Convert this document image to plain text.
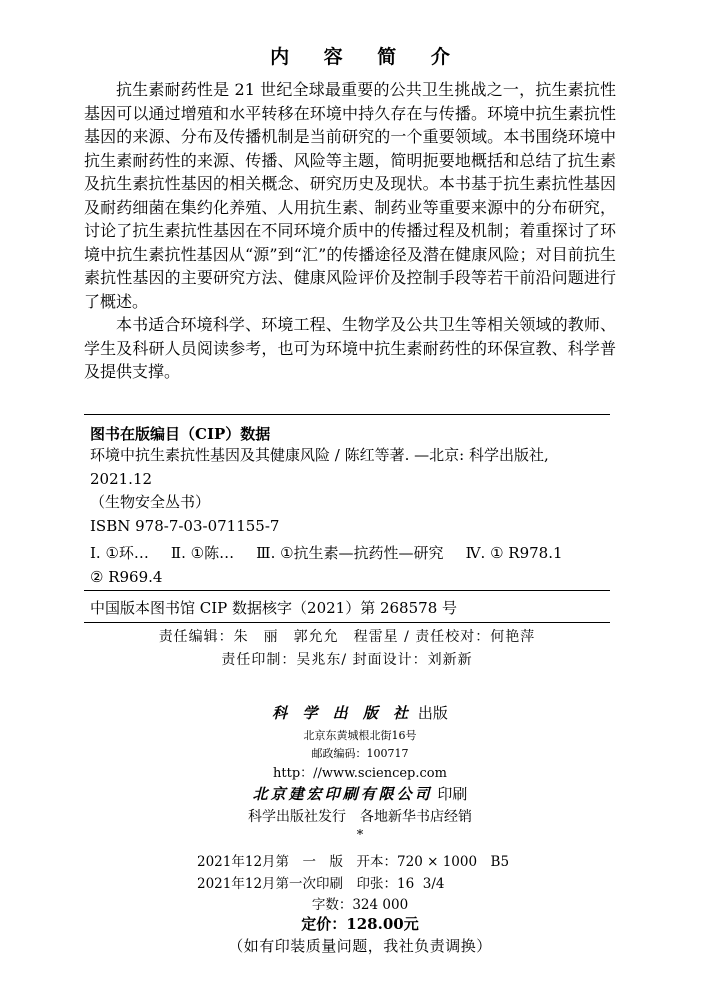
内 容 简 介

抗生素耐药性是 21 世纪全球最重要的公共卫生挑战之一，抗生素抗性基因可以通过增殖和水平转移在环境中持久存在与传播。环境中抗生素抗性基因的来源、分布及传播机制是当前研究的一个重要领域。本书围绕环境中抗生素耐药性的来源、传播、风险等主题，简明扼要地概括和总结了抗生素及抗生素抗性基因的相关概念、研究历史及现状。本书基于抗生素抗性基因及耐药细菌在集约化养殖、人用抗生素、制药业等重要来源中的分布研究，讨论了抗生素抗性基因在不同环境介质中的传播过程及机制；着重探讨了环境中抗生素抗性基因从“源”到“汇”的传播途径及潜在健康风险；对目前抗生素抗性基因的主要研究方法、健康风险评价及控制手段等若干前沿问题进行了概述。

本书适合环境科学、环境工程、生物学及公共卫生等相关领域的教师、学生及科研人员阅读参考，也可为环境中抗生素耐药性的环保宣教、科学普及提供支撑。

图书在版编目（CIP）数据
环境中抗生素抗性基因及其健康风险 / 陈红等著. —北京: 科学出版社,
2021.12
（生物安全丛书）
ISBN 978-7-03-071155-7
Ⅰ. ①环… Ⅱ. ①陈… Ⅲ. ①抗生素—抗药性—研究 Ⅳ. ① R978.1
② R969.4
中国版本图书馆 CIP 数据核字（2021）第 268578 号
责任编辑：朱　丽　郭允允　程雷星 / 责任校对：何艳萍
责任印制：吴兆东/ 封面设计：刘新新
科 学 出 版 社 出版
北京东黄城根北街16号
邮政编码：100717
http：//www.sciencep.com
北京建宏印刷有限公司 印刷
科学出版社发行　各地新华书店经销
*
2021年12月第　一　版　开本：720 × 1000　B5
2021年12月第一次印刷　印张：16  3/4
字数：324 000
定价：128.00元
（如有印装质量问题，我社负责调换）
